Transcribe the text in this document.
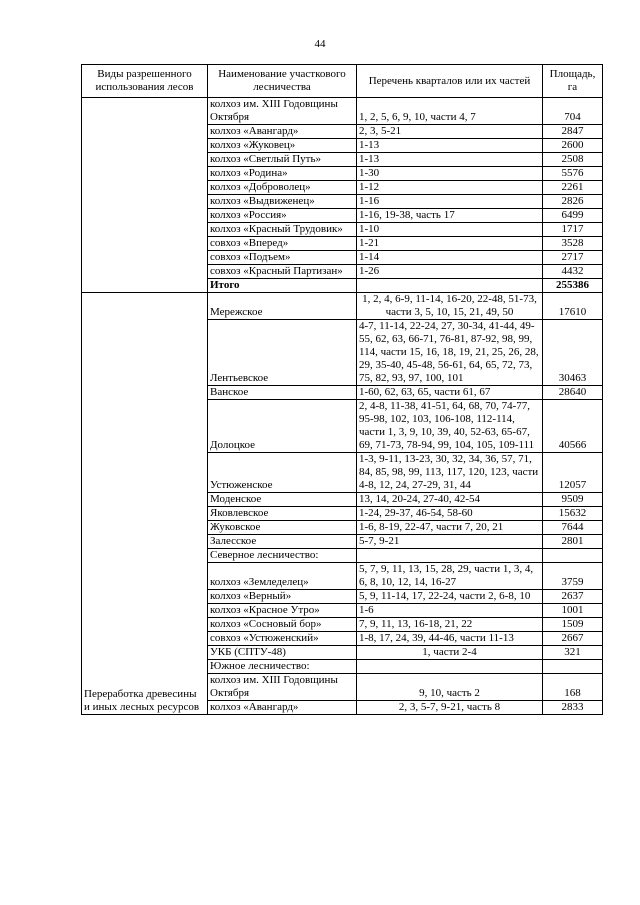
44
Виды разрешенного использования лесов	Наименование участкового лесничества	Перечень кварталов или их частей	Площадь, га
	колхоз им. XIII Годовщины Октября	1, 2, 5, 6, 9, 10, части 4, 7	704
	колхоз «Авангард»	2, 3, 5-21	2847
	колхоз «Жуковец»	1-13	2600
	колхоз «Светлый Путь»	1-13	2508
	колхоз «Родина»	1-30	5576
	колхоз «Доброволец»	1-12	2261
	колхоз «Выдвиженец»	1-16	2826
	колхоз «Россия»	1-16, 19-38, часть 17	6499
	колхоз «Красный Трудовик»	1-10	1717
	совхоз «Вперед»	1-21	3528
	совхоз «Подъем»	1-14	2717
	совхоз «Красный Партизан»	1-26	4432
	Итого		255386
Переработка древесины и иных лесных ресурсов	Мережское	1, 2, 4, 6-9, 11-14, 16-20, 22-48, 51-73, части 3, 5, 10, 15, 21, 49, 50	17610
	Лентьевское	4-7, 11-14, 22-24, 27, 30-34, 41-44, 49-55, 62, 63, 66-71, 76-81, 87-92, 98, 99, 114, части 15, 16, 18, 19, 21, 25, 26, 28, 29, 35-40, 45-48, 56-61, 64, 65, 72, 73, 75, 82, 93, 97, 100, 101	30463
	Ванское	1-60, 62, 63, 65, части 61, 67	28640
	Долоцкое	2, 4-8, 11-38, 41-51, 64, 68, 70, 74-77, 95-98, 102, 103, 106-108, 112-114, части 1, 3, 9, 10, 39, 40, 52-63, 65-67, 69, 71-73, 78-94, 99, 104, 105, 109-111	40566
	Устюженское	1-3, 9-11, 13-23, 30, 32, 34, 36, 57, 71, 84, 85, 98, 99, 113, 117, 120, 123, части 4-8, 12, 24, 27-29, 31, 44	12057
	Моденское	13, 14, 20-24, 27-40, 42-54	9509
	Яковлевское	1-24, 29-37, 46-54, 58-60	15632
	Жуковское	1-6, 8-19, 22-47, части 7, 20, 21	7644
	Залесское	5-7, 9-21	2801
	Северное лесничество:		
	колхоз «Земледелец»	5, 7, 9, 11, 13, 15, 28, 29, части 1, 3, 4, 6, 8, 10, 12, 14, 16-27	3759
	колхоз «Верный»	5, 9, 11-14, 17, 22-24, части 2, 6-8, 10	2637
	колхоз «Красное Утро»	1-6	1001
	колхоз «Сосновый бор»	7, 9, 11, 13, 16-18, 21, 22	1509
	совхоз «Устюженский»	1-8, 17, 24, 39, 44-46, части 11-13	2667
	УКБ (СПТУ-48)	1, части 2-4	321
	Южное лесничество:		
	колхоз им. XIII Годовщины Октября	9, 10, часть 2	168
	колхоз «Авангард»	2, 3, 5-7, 9-21, часть 8	2833
